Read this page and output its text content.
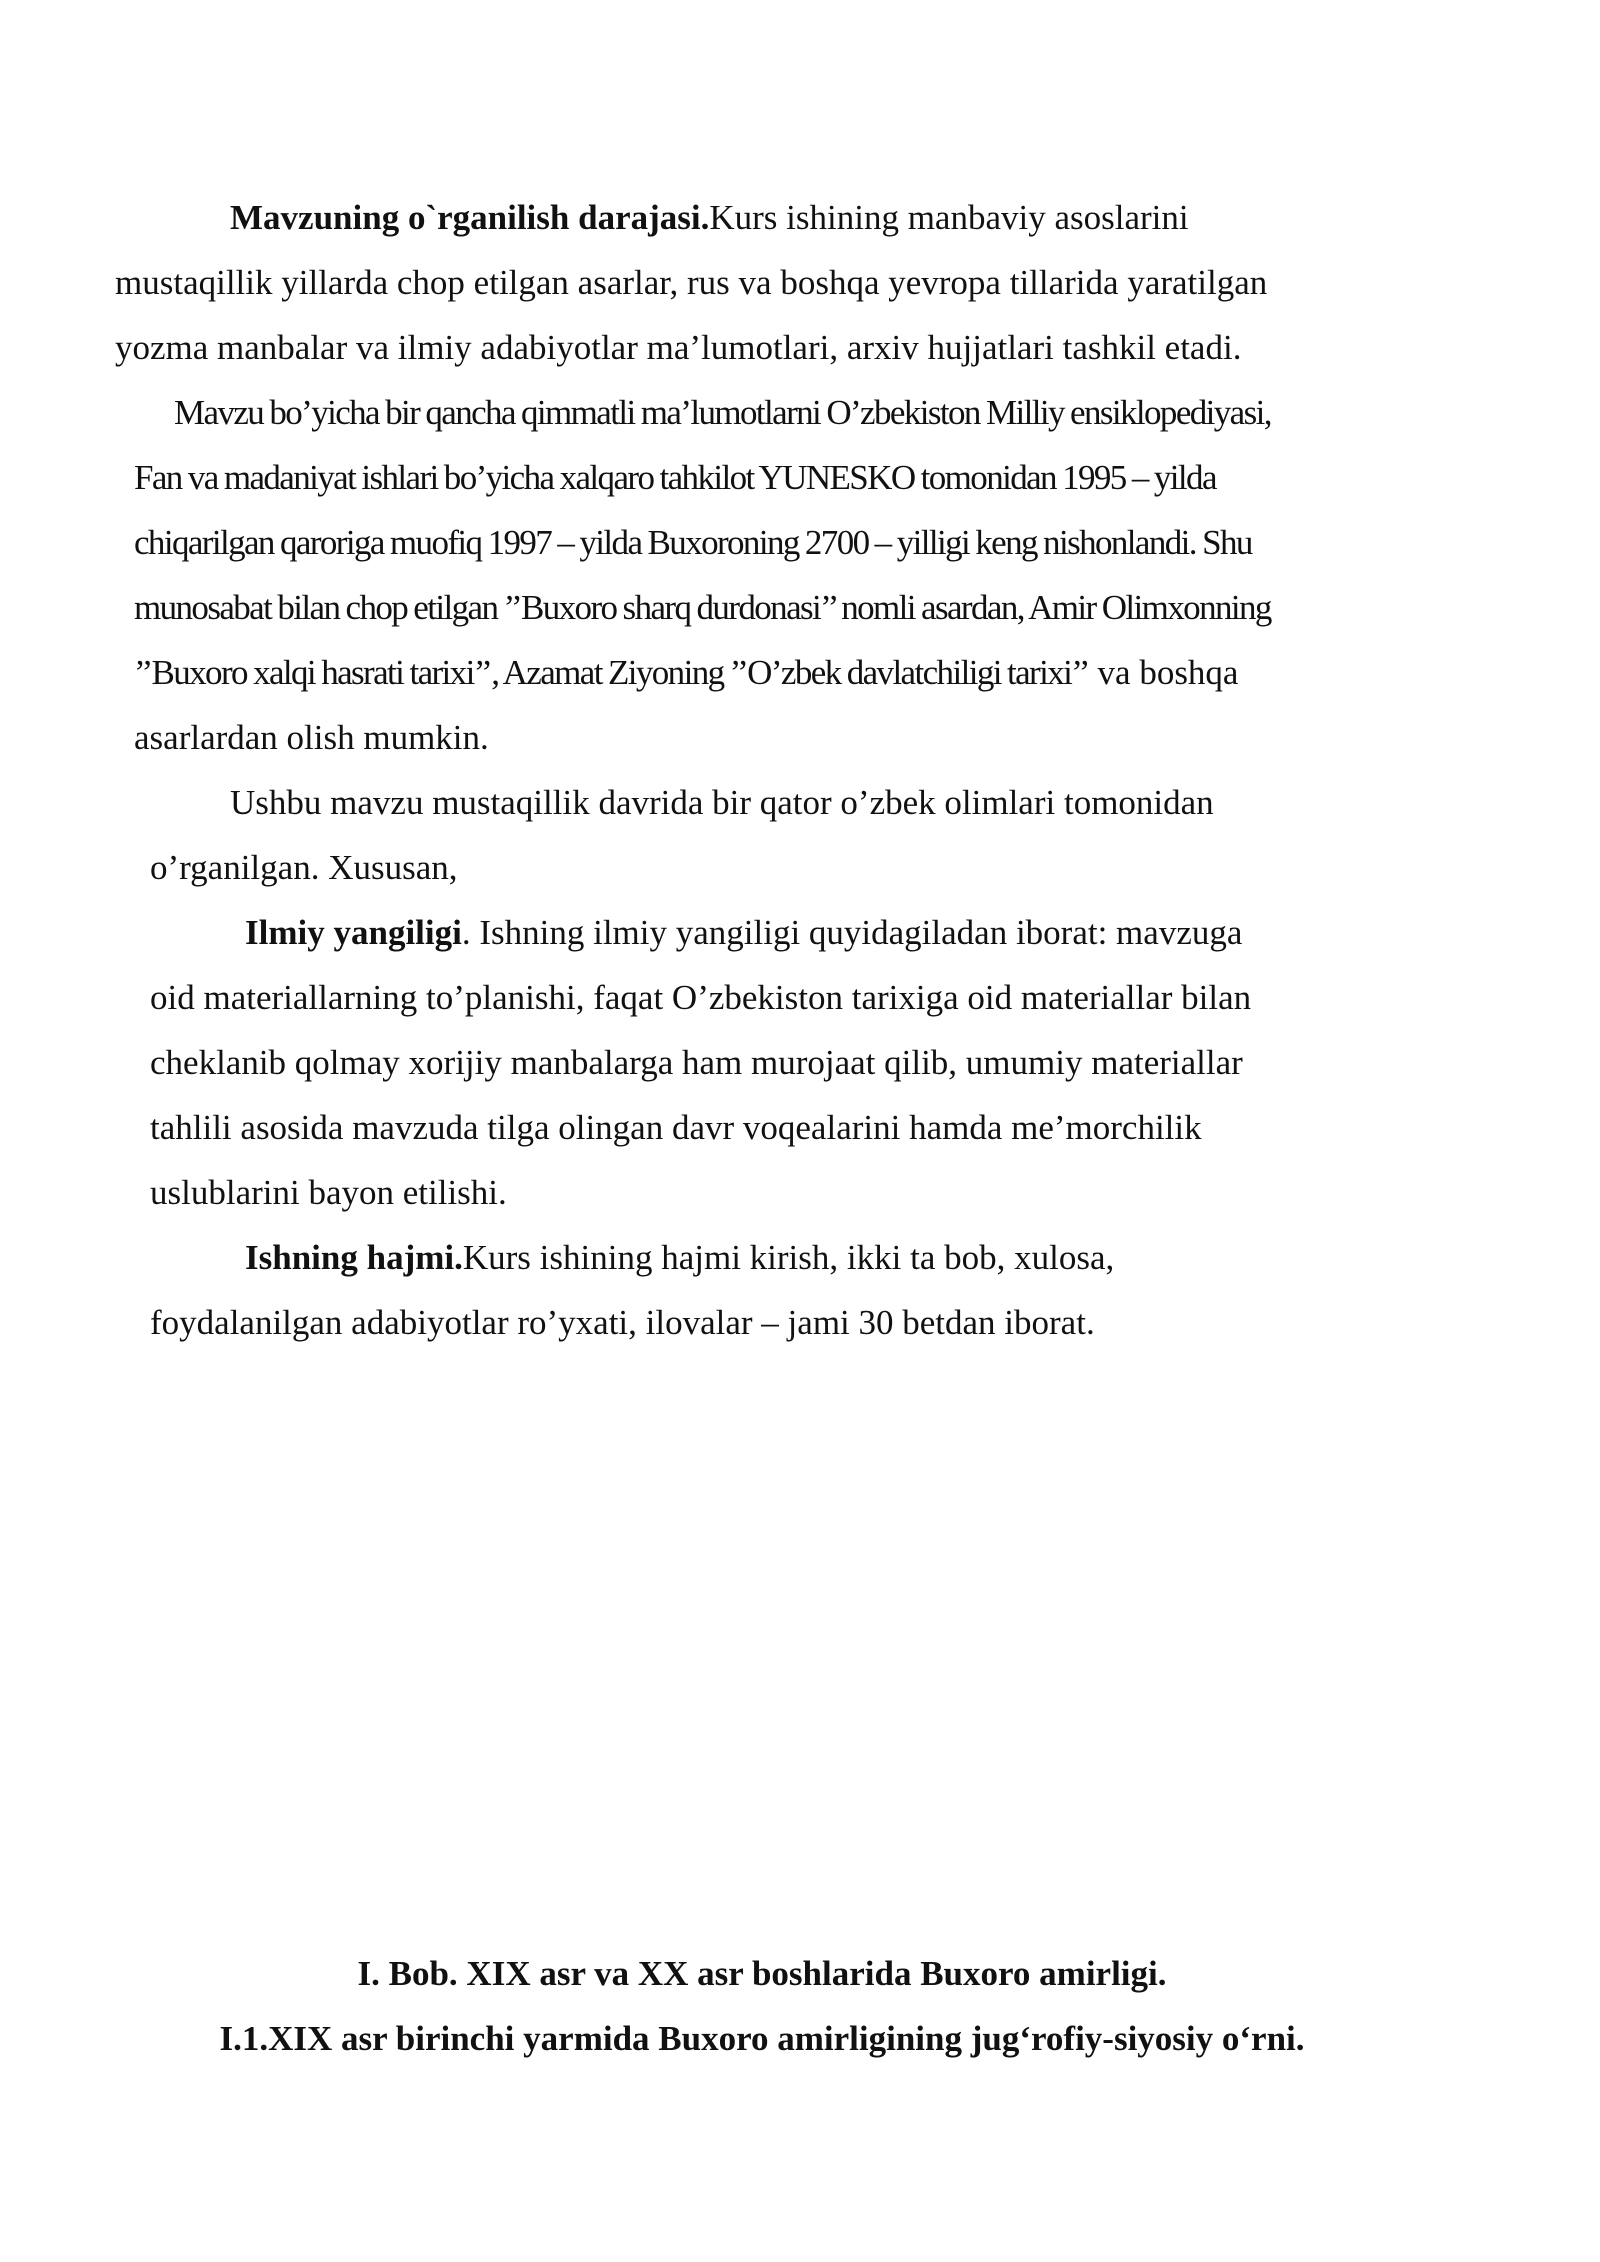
Mavzuning o`rganilish darajasi.Kurs ishining manbaviy asoslarini
mustaqillik yillarda chop etilgan asarlar, rus va boshqa yevropa tillarida yaratilgan
yozma manbalar va ilmiy adabiyotlar ma’lumotlari, arxiv hujjatlari tashkil etadi.
Mavzu bo’yicha bir qancha qimmatli ma’lumotlarni O’zbekiston Milliy ensiklopediyasi,
Fan va madaniyat ishlari bo’yicha xalqaro tahkilot YUNESKO tomonidan 1995 – yilda
chiqarilgan qaroriga muofiq 1997 – yilda Buxoroning 2700 – yilligi keng nishonlandi. Shu
munosabat bilan chop etilgan ’’Buxoro sharq durdonasi’’ nomli asardan, Amir Olimxonning
’’Buxoro xalqi hasrati tarixi’’, Azamat Ziyoning ’’O’zbek davlatchiligi tarixi’’ va boshqa
asarlardan olish mumkin.
Ushbu mavzu mustaqillik davrida bir qator o’zbek olimlari tomonidan
o’rganilgan. Xususan,
Ilmiy yangiligi. Ishning ilmiy yangiligi quyidagiladan iborat: mavzuga
oid materiallarning to’planishi, faqat O’zbekiston tarixiga oid materiallar bilan
cheklanib qolmay xorijiy manbalarga ham murojaat qilib, umumiy materiallar
tahlili asosida mavzuda tilga olingan davr voqealarini hamda me’morchilik
uslublarini bayon etilishi.
Ishning hajmi.Kurs ishining hajmi kirish, ikki ta bob, xulosa,
foydalanilgan adabiyotlar ro’yxati, ilovalar – jami 30 betdan iborat.
I. Bob. XIX asr va XX asr boshlarida Buxoro amirligi.
I.1.XIX asr birinchi yarmida Buxoro amirligining jug‘rofiy-siyosiy o‘rni.
